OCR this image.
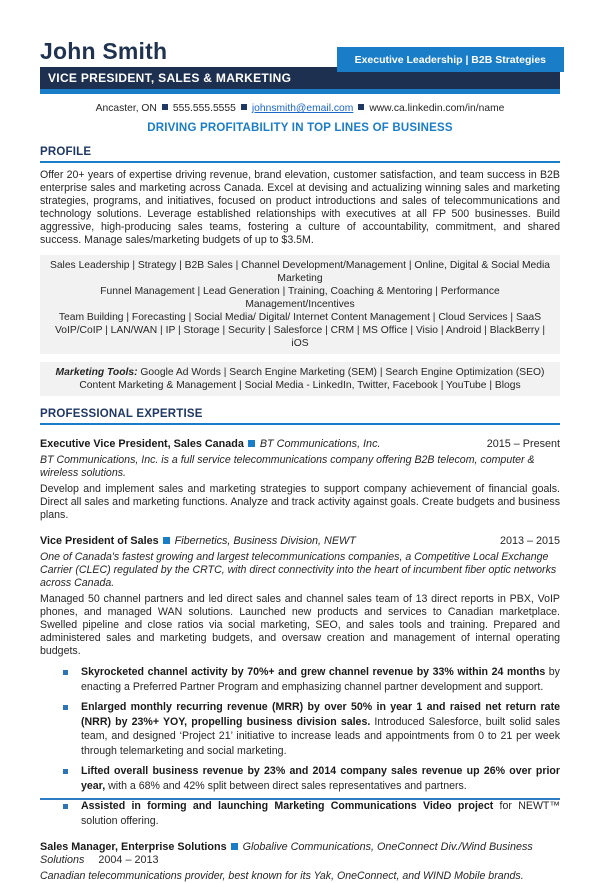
John Smith	Executive Leadership | B2B Strategies
VICE PRESIDENT, SALES & MARKETING
Ancaster, ON 555.555.5555 johnsmith@email.com www.ca.linkedin.com/in/name
DRIVING PROFITABILITY IN TOP LINES OF BUSINESS
PROFILE

Offer 20+ years of expertise driving revenue, brand elevation, customer satisfaction, and team success in B2B enterprise sales and marketing across Canada. Excel at devising and actualizing winning sales and marketing strategies, programs, and initiatives, focused on product introductions and sales of telecommunications and technology solutions. Leverage established relationships with executives at all FP 500 businesses. Build aggressive, high-producing sales teams, fostering a culture of accountability, commitment, and shared success. Manage sales/marketing budgets of up to $3.5M.

Sales Leadership | Strategy | B2B Sales | Channel Development/Management | Online, Digital & Social Media Marketing
Funnel Management | Lead Generation | Training, Coaching & Mentoring | Performance Management/Incentives
Team Building | Forecasting | Social Media/ Digital/ Internet Content Management | Cloud Services | SaaS
VoIP/CoIP | LAN/WAN | IP | Storage | Security | Salesforce | CRM | MS Office | Visio | Android | BlackBerry | iOS
Marketing Tools: Google Ad Words | Search Engine Marketing (SEM) | Search Engine Optimization (SEO)
Content Marketing & Management | Social Media - LinkedIn, Twitter, Facebook | YouTube | Blogs
PROFESSIONAL EXPERTISE
Executive Vice President, Sales Canada BT Communications, Inc.	2015 – Present

BT Communications, Inc. is a full service telecommunications company offering B2B telecom, computer & wireless solutions.

Develop and implement sales and marketing strategies to support company achievement of financial goals. Direct all sales and marketing functions. Analyze and track activity against goals. Create budgets and business plans.

Vice President of Sales Fibernetics, Business Division, NEWT	2013 – 2015

One of Canada's fastest growing and largest telecommunications companies, a Competitive Local Exchange Carrier (CLEC) regulated by the CRTC, with direct connectivity into the heart of incumbent fiber optic networks across Canada.

Managed 50 channel partners and led direct sales and channel sales team of 13 direct reports in PBX, VoIP phones, and managed WAN solutions. Launched new products and services to Canadian marketplace. Swelled pipeline and close ratios via social marketing, SEO, and sales tools and training. Prepared and administered sales and marketing budgets, and oversaw creation and management of internal operating budgets.

Skyrocketed channel activity by 70%+ and grew channel revenue by 33% within 24 months by enacting a Preferred Partner Program and emphasizing channel partner development and support.
Enlarged monthly recurring revenue (MRR) by over 50% in year 1 and raised net return rate (NRR) by 23%+ YOY, propelling business division sales. Introduced Salesforce, built solid sales team, and designed ‘Project 21’ initiative to increase leads and appointments from 0 to 21 per week through telemarketing and social marketing.
Lifted overall business revenue by 23% and 2014 company sales revenue up 26% over prior year, with a 68% and 42% split between direct sales representatives and partners.
Assisted in forming and launching Marketing Communications Video project for NEWT™ solution offering.
Sales Manager, Enterprise Solutions Globalive Communications, OneConnect Div./Wind Business Solutions 2004 – 2013

Canadian telecommunications provider, best known for its Yak, OneConnect, and WIND Mobile brands.
